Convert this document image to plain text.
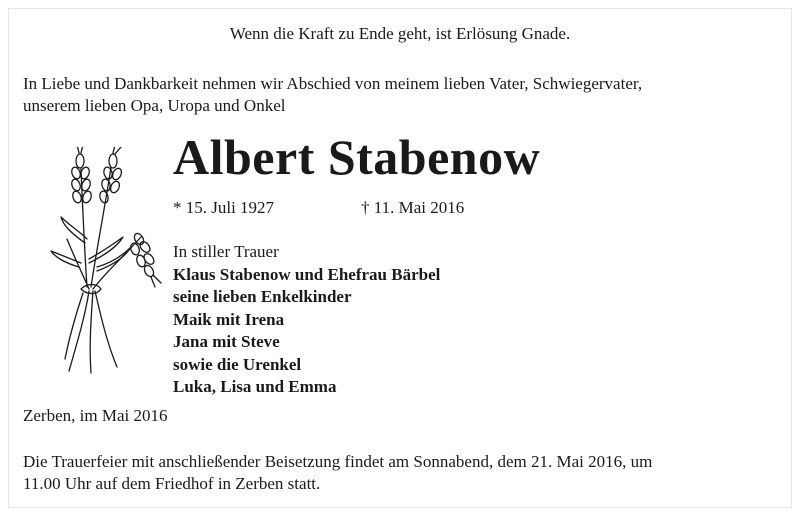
Wenn die Kraft zu Ende geht, ist Erlösung Gnade.
In Liebe und Dankbarkeit nehmen wir Abschied von meinem lieben Vater, Schwiegervater,
unserem lieben Opa, Uropa und Onkel
Albert Stabenow
* 15. Juli 1927	† 11. Mai 2016
In stiller Trauer
Klaus Stabenow und Ehefrau Bärbel
seine lieben Enkelkinder
Maik mit Irena
Jana mit Steve
sowie die Urenkel
Luka, Lisa und Emma
Zerben, im Mai 2016
Die Trauerfeier mit anschließender Beisetzung findet am Sonnabend, dem 21. Mai 2016, um
11.00 Uhr auf dem Friedhof in Zerben statt.
